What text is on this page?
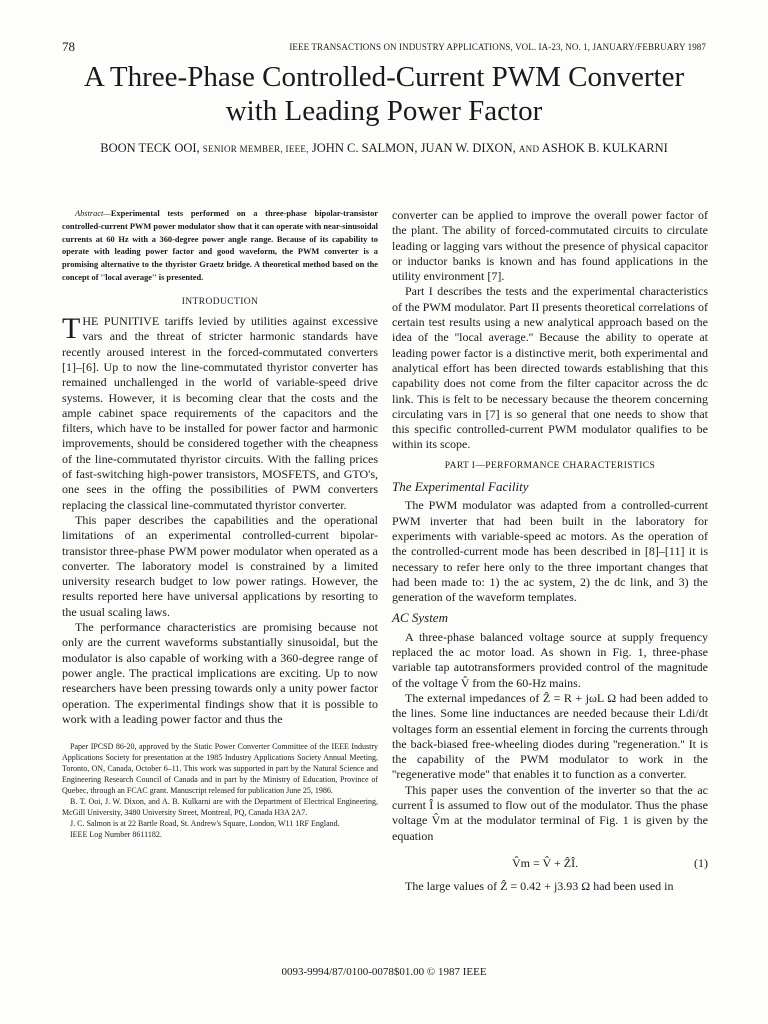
78	IEEE TRANSACTIONS ON INDUSTRY APPLICATIONS, VOL. IA-23, NO. 1, JANUARY/FEBRUARY 1987
A Three-Phase Controlled-Current PWM Converter
with Leading Power Factor
BOON TECK OOI, SENIOR MEMBER, IEEE, JOHN C. SALMON, JUAN W. DIXON, AND ASHOK B. KULKARNI

Abstract—Experimental tests performed on a three-phase bipolar-transistor controlled-current PWM power modulator show that it can operate with near-sinusoidal currents at 60 Hz with a 360-degree power angle range. Because of its capability to operate with leading power factor and good waveform, the PWM converter is a promising alternative to the thyristor Graetz bridge. A theoretical method based on the concept of ''local average'' is presented.

INTRODUCTION

THE PUNITIVE tariffs levied by utilities against excessive vars and the threat of stricter harmonic standards have recently aroused interest in the forced-commutated converters [1]–[6]. Up to now the line-commutated thyristor converter has remained unchallenged in the world of variable-speed drive systems. However, it is becoming clear that the costs and the ample cabinet space requirements of the capacitors and the filters, which have to be installed for power factor and harmonic improvements, should be considered together with the cheapness of the line-commutated thyristor circuits. With the falling prices of fast-switching high-power transistors, MOSFETS, and GTO's, one sees in the offing the possibilities of PWM converters replacing the classical line-commutated thyristor converter.

This paper describes the capabilities and the operational limitations of an experimental controlled-current bipolar-transistor three-phase PWM power modulator when operated as a converter. The laboratory model is constrained by a limited university research budget to low power ratings. However, the results reported here have universal applications by resorting to the usual scaling laws.

The performance characteristics are promising because not only are the current waveforms substantially sinusoidal, but the modulator is also capable of working with a 360-degree range of power angle. The practical implications are exciting. Up to now researchers have been pressing towards only a unity power factor operation. The experimental findings show that it is possible to work with a leading power factor and thus the

Paper IPCSD 86-20, approved by the Static Power Converter Committee of the IEEE Industry Applications Society for presentation at the 1985 Industry Applications Society Annual Meeting, Toronto, ON, Canada, October 6–11. This work was supported in part by the Natural Science and Engineering Research Council of Canada and in part by the Ministry of Education, Province of Quebec, through an FCAC grant. Manuscript released for publication June 25, 1986.

B. T. Ooi, J. W. Dixon, and A. B. Kulkarni are with the Department of Electrical Engineering, McGill University, 3480 University Street, Montreal, PQ, Canada H3A 2A7.

J. C. Salmon is at 22 Bartle Road, St. Andrew's Square, London, W11 1RF England.

IEEE Log Number 8611182.

converter can be applied to improve the overall power factor of the plant. The ability of forced-commutated circuits to circulate leading or lagging vars without the presence of physical capacitor or inductor banks is known and has found applications in the utility environment [7].

Part I describes the tests and the experimental characteristics of the PWM modulator. Part II presents theoretical correlations of certain test results using a new analytical approach based on the idea of the ''local average.'' Because the ability to operate at leading power factor is a distinctive merit, both experimental and analytical effort has been directed towards establishing that this capability does not come from the filter capacitor across the dc link. This is felt to be necessary because the theorem concerning circulating vars in [7] is so general that one needs to show that this specific controlled-current PWM modulator qualifies to be within its scope.

PART I—PERFORMANCE CHARACTERISTICS
The Experimental Facility

The PWM modulator was adapted from a controlled-current PWM inverter that had been built in the laboratory for experiments with variable-speed ac motors. As the operation of the controlled-current mode has been described in [8]–[11] it is necessary to refer here only to the three important changes that had been made to: 1) the ac system, 2) the dc link, and 3) the generation of the waveform templates.

AC System

A three-phase balanced voltage source at supply frequency replaced the ac motor load. As shown in Fig. 1, three-phase variable tap autotransformers provided control of the magnitude of the voltage V̂ from the 60-Hz mains.

The external impedances of Ẑ = R + jωL Ω had been added to the lines. Some line inductances are needed because their Ldi/dt voltages form an essential element in forcing the currents through the back-biased free-wheeling diodes during ''regeneration.'' It is the capability of the PWM modulator to work in the ''regenerative mode'' that enables it to function as a converter.

This paper uses the convention of the inverter so that the ac current Î is assumed to flow out of the modulator. Thus the phase voltage V̂m at the modulator terminal of Fig. 1 is given by the equation

V̂m = V̂ + ẐÎ.	(1)

The large values of Ẑ = 0.42 + j3.93 Ω had been used in

0093-9994/87/0100-0078$01.00 © 1987 IEEE
